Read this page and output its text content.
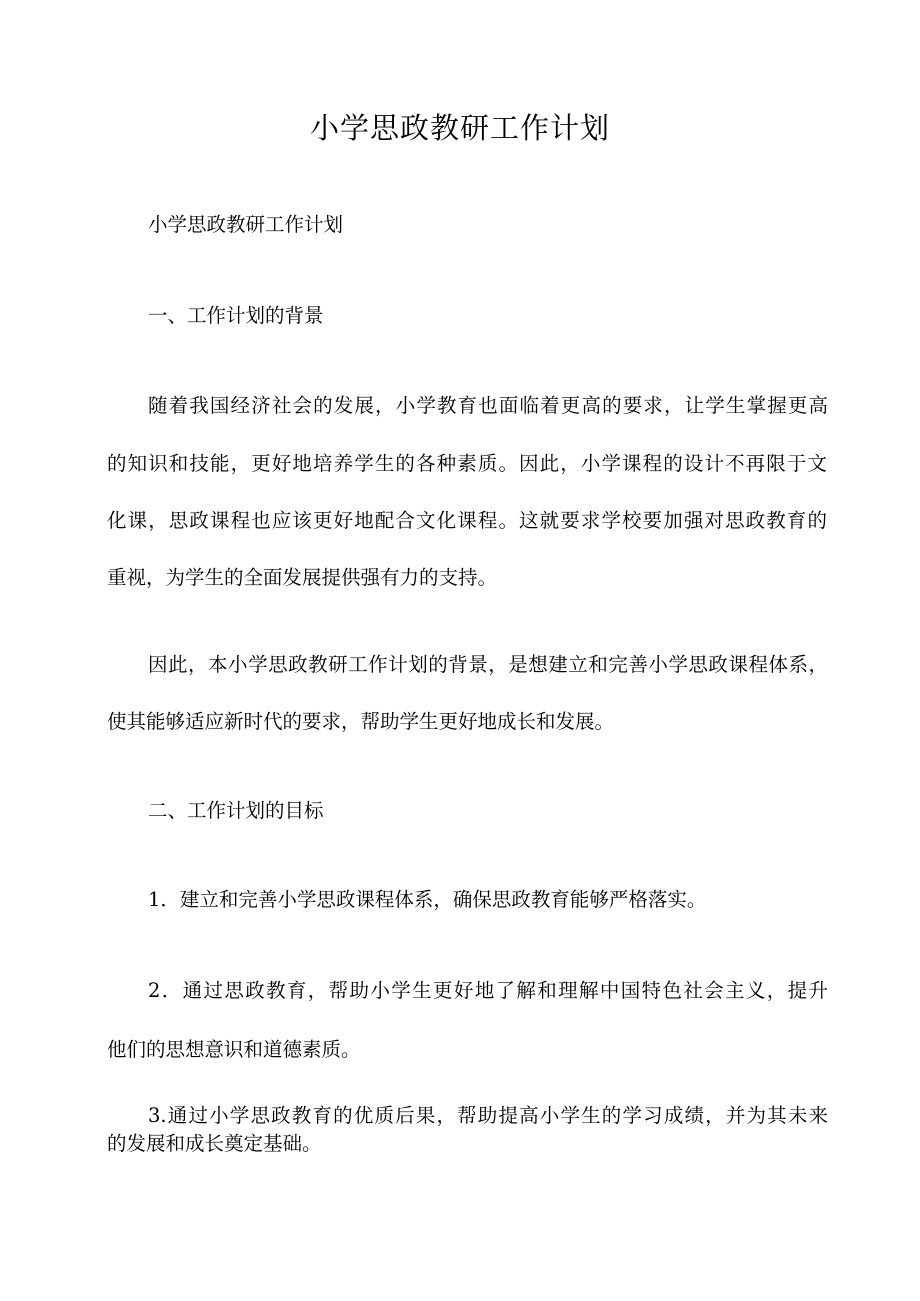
小学思政教研工作计划

小学思政教研工作计划

一、工作计划的背景

随着我国经济社会的发展，小学教育也面临着更高的要求，让学生掌握更高

的知识和技能，更好地培养学生的各种素质。因此，小学课程的设计不再限于文

化课，思政课程也应该更好地配合文化课程。这就要求学校要加强对思政教育的

重视，为学生的全面发展提供强有力的支持。

因此，本小学思政教研工作计划的背景，是想建立和完善小学思政课程体系，

使其能够适应新时代的要求，帮助学生更好地成长和发展。

二、工作计划的目标

1．建立和完善小学思政课程体系，确保思政教育能够严格落实。

2．通过思政教育，帮助小学生更好地了解和理解中国特色社会主义，提升

他们的思想意识和道德素质。

3.通过小学思政教育的优质后果，帮助提高小学生的学习成绩，并为其未来

的发展和成长奠定基础。
